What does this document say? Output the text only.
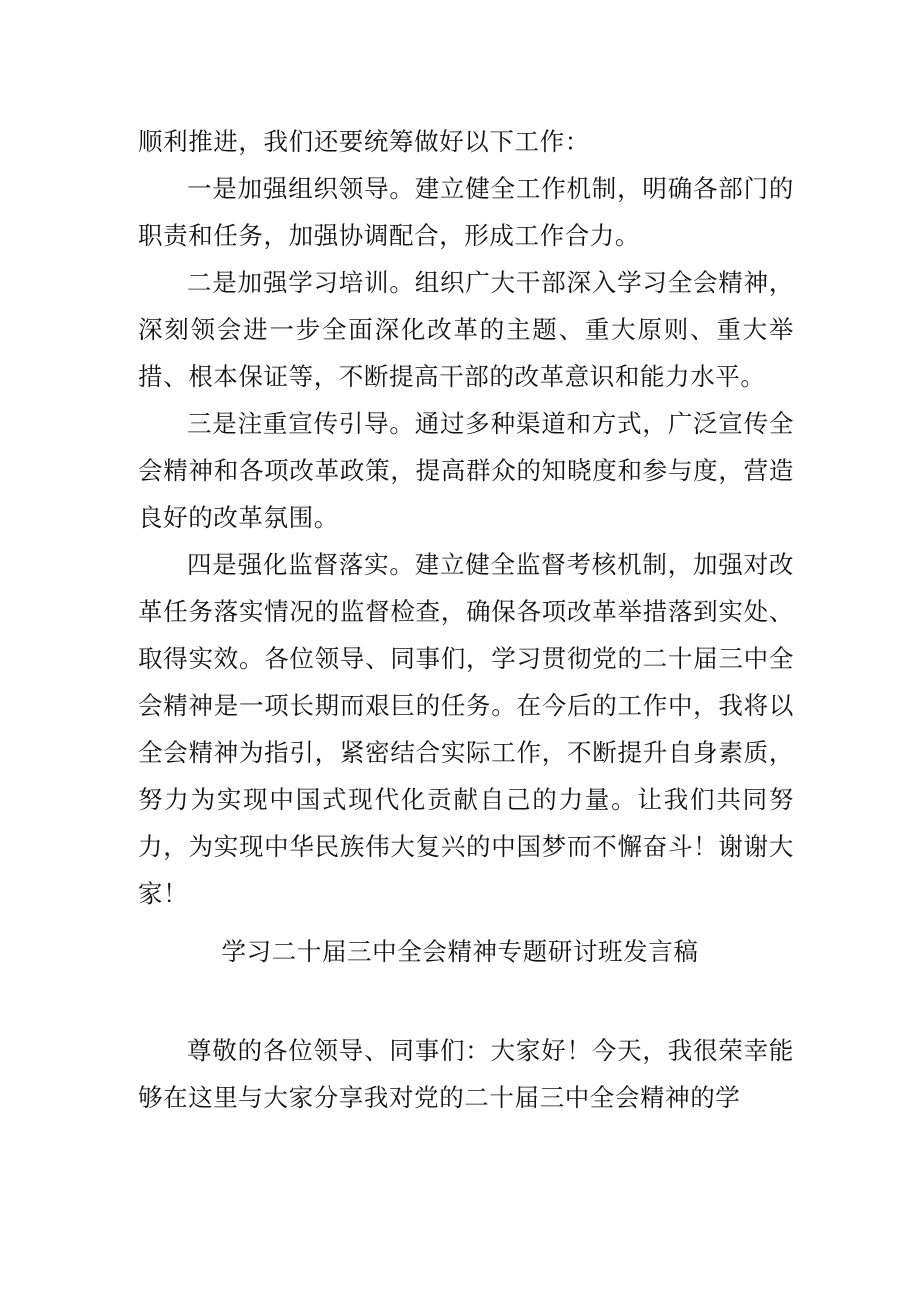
顺利推进，我们还要统筹做好以下工作：

一是加强组织领导。建立健全工作机制，明确各部门的职责和任务，加强协调配合，形成工作合力。

二是加强学习培训。组织广大干部深入学习全会精神，深刻领会进一步全面深化改革的主题、重大原则、重大举措、根本保证等，不断提高干部的改革意识和能力水平。

三是注重宣传引导。通过多种渠道和方式，广泛宣传全会精神和各项改革政策，提高群众的知晓度和参与度，营造良好的改革氛围。

四是强化监督落实。建立健全监督考核机制，加强对改革任务落实情况的监督检查，确保各项改革举措落到实处、取得实效。各位领导、同事们，学习贯彻党的二十届三中全会精神是一项长期而艰巨的任务。在今后的工作中，我将以全会精神为指引，紧密结合实际工作，不断提升自身素质，努力为实现中国式现代化贡献自己的力量。让我们共同努力，为实现中华民族伟大复兴的中国梦而不懈奋斗！谢谢大家！

学习二十届三中全会精神专题研讨班发言稿

尊敬的各位领导、同事们：大家好！今天，我很荣幸能够在这里与大家分享我对党的二十届三中全会精神的学
